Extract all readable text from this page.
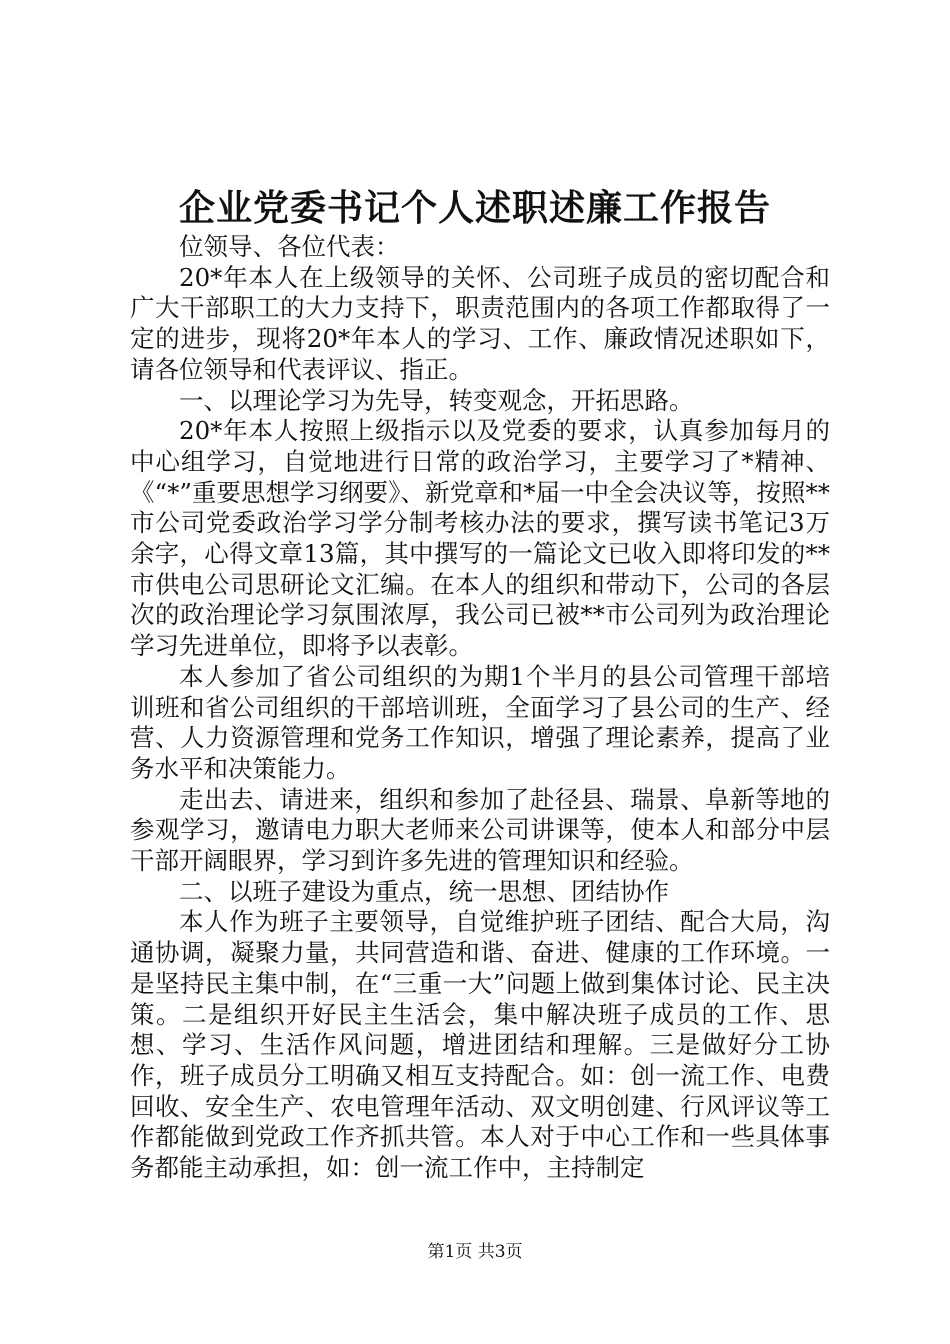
企业党委书记个人述职述廉工作报告

位领导、各位代表：

20*年本人在上级领导的关怀、公司班子成员的密切配合和广大干部职工的大力支持下，职责范围内的各项工作都取得了一定的进步，现将20*年本人的学习、工作、廉政情况述职如下，请各位领导和代表评议、指正。

一、以理论学习为先导，转变观念，开拓思路。

20*年本人按照上级指示以及党委的要求，认真参加每月的中心组学习，自觉地进行日常的政治学习，主要学习了*精神、《“*”重要思想学习纲要》、新党章和*届一中全会决议等，按照**市公司党委政治学习学分制考核办法的要求，撰写读书笔记3万余字，心得文章13篇，其中撰写的一篇论文已收入即将印发的**市供电公司思研论文汇编。在本人的组织和带动下，公司的各层次的政治理论学习氛围浓厚，我公司已被**市公司列为政治理论学习先进单位，即将予以表彰。

本人参加了省公司组织的为期1个半月的县公司管理干部培训班和省公司组织的干部培训班，全面学习了县公司的生产、经营、人力资源管理和党务工作知识，增强了理论素养，提高了业务水平和决策能力。

走出去、请进来，组织和参加了赴径县、瑞景、阜新等地的参观学习，邀请电力职大老师来公司讲课等，使本人和部分中层干部开阔眼界，学习到许多先进的管理知识和经验。

二、以班子建设为重点，统一思想、团结协作

本人作为班子主要领导，自觉维护班子团结、配合大局，沟通协调，凝聚力量，共同营造和谐、奋进、健康的工作环境。一是坚持民主集中制，在“三重一大”问题上做到集体讨论、民主决策。二是组织开好民主生活会，集中解决班子成员的工作、思想、学习、生活作风问题，增进团结和理解。三是做好分工协作，班子成员分工明确又相互支持配合。如：创一流工作、电费回收、安全生产、农电管理年活动、双文明创建、行风评议等工作都能做到党政工作齐抓共管。本人对于中心工作和一些具体事务都能主动承担，如：创一流工作中，主持制定

第1页 共3页
